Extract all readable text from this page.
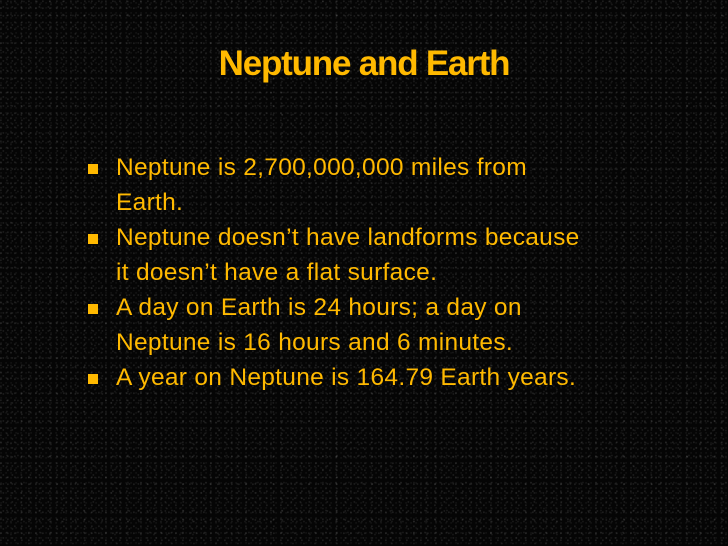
Neptune and Earth
Neptune is 2,700,000,000 miles from
Earth.
Neptune doesn’t have landforms because
it doesn’t have a flat surface.
A day on Earth is 24 hours; a day on
Neptune is 16 hours and 6 minutes.
A year on Neptune is 164.79 Earth years.
